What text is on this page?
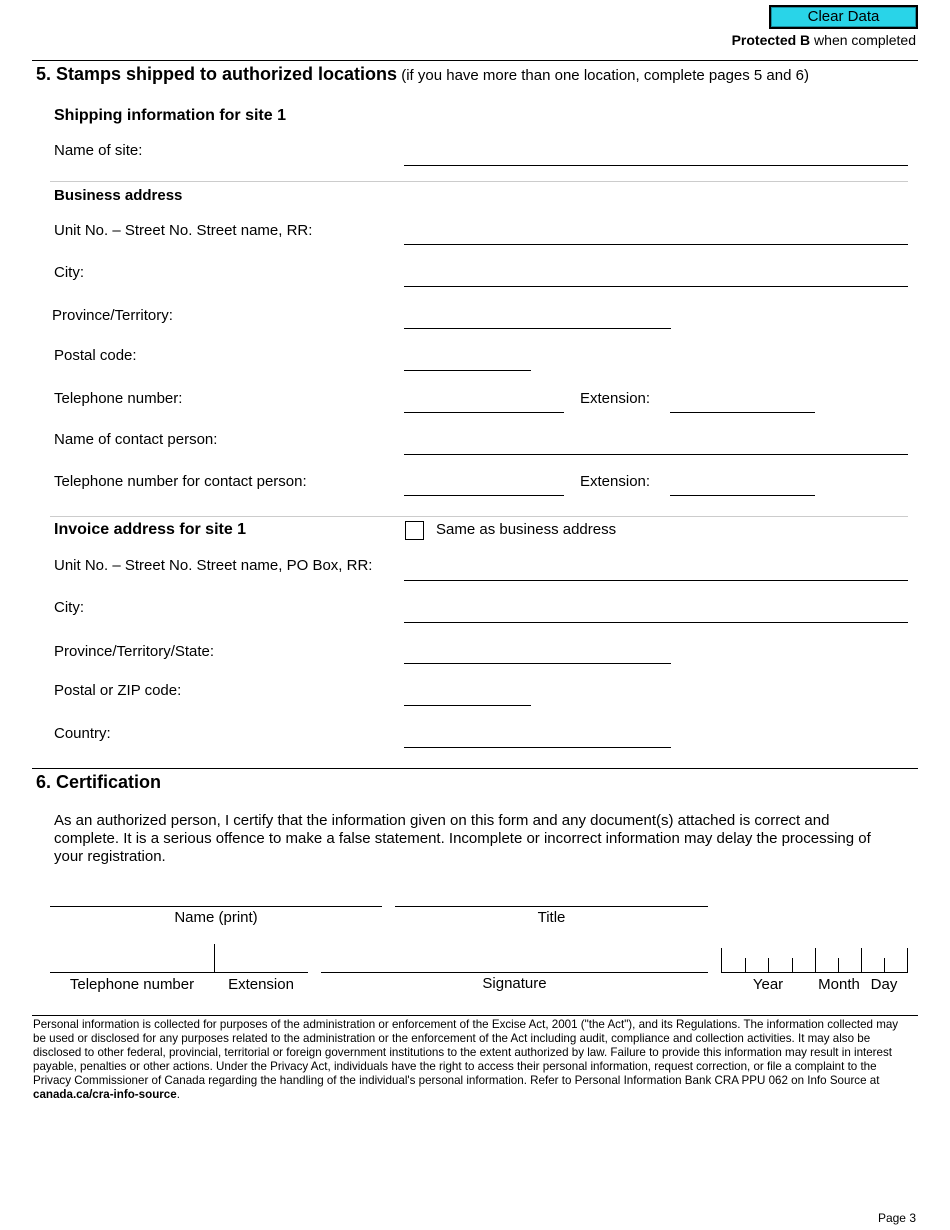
Clear Data
Protected B when completed
5. Stamps shipped to authorized locations (if you have more than one location, complete pages 5 and 6)
Shipping information for site 1
Name of site:
Business address
Unit No. – Street No. Street name, RR:
City:
Province/Territory:
Postal code:
Telephone number:	Extension:
Name of contact person:
Telephone number for contact person:	Extension:
Invoice address for site 1	Same as business address
Unit No. – Street No. Street name, PO Box, RR:
City:
Province/Territory/State:
Postal or ZIP code:
Country:
6. Certification
As an authorized person, I certify that the information given on this form and any document(s) attached is correct and complete. It is a serious offence to make a false statement. Incomplete or incorrect information may delay the processing of your registration.
Name (print)	Title
Telephone number	Extension	Signature	Year	Month Day
Personal information is collected for purposes of the administration or enforcement of the Excise Act, 2001 ("the Act"), and its Regulations. The information collected may be used or disclosed for any purposes related to the administration or the enforcement of the Act including audit, compliance and collection activities. It may also be disclosed to other federal, provincial, territorial or foreign government institutions to the extent authorized by law. Failure to provide this information may result in interest payable, penalties or other actions. Under the Privacy Act, individuals have the right to access their personal information, request correction, or file a complaint to the Privacy Commissioner of Canada regarding the handling of the individual's personal information. Refer to Personal Information Bank CRA PPU 062 on Info Source at canada.ca/cra-info-source.
Page 3
